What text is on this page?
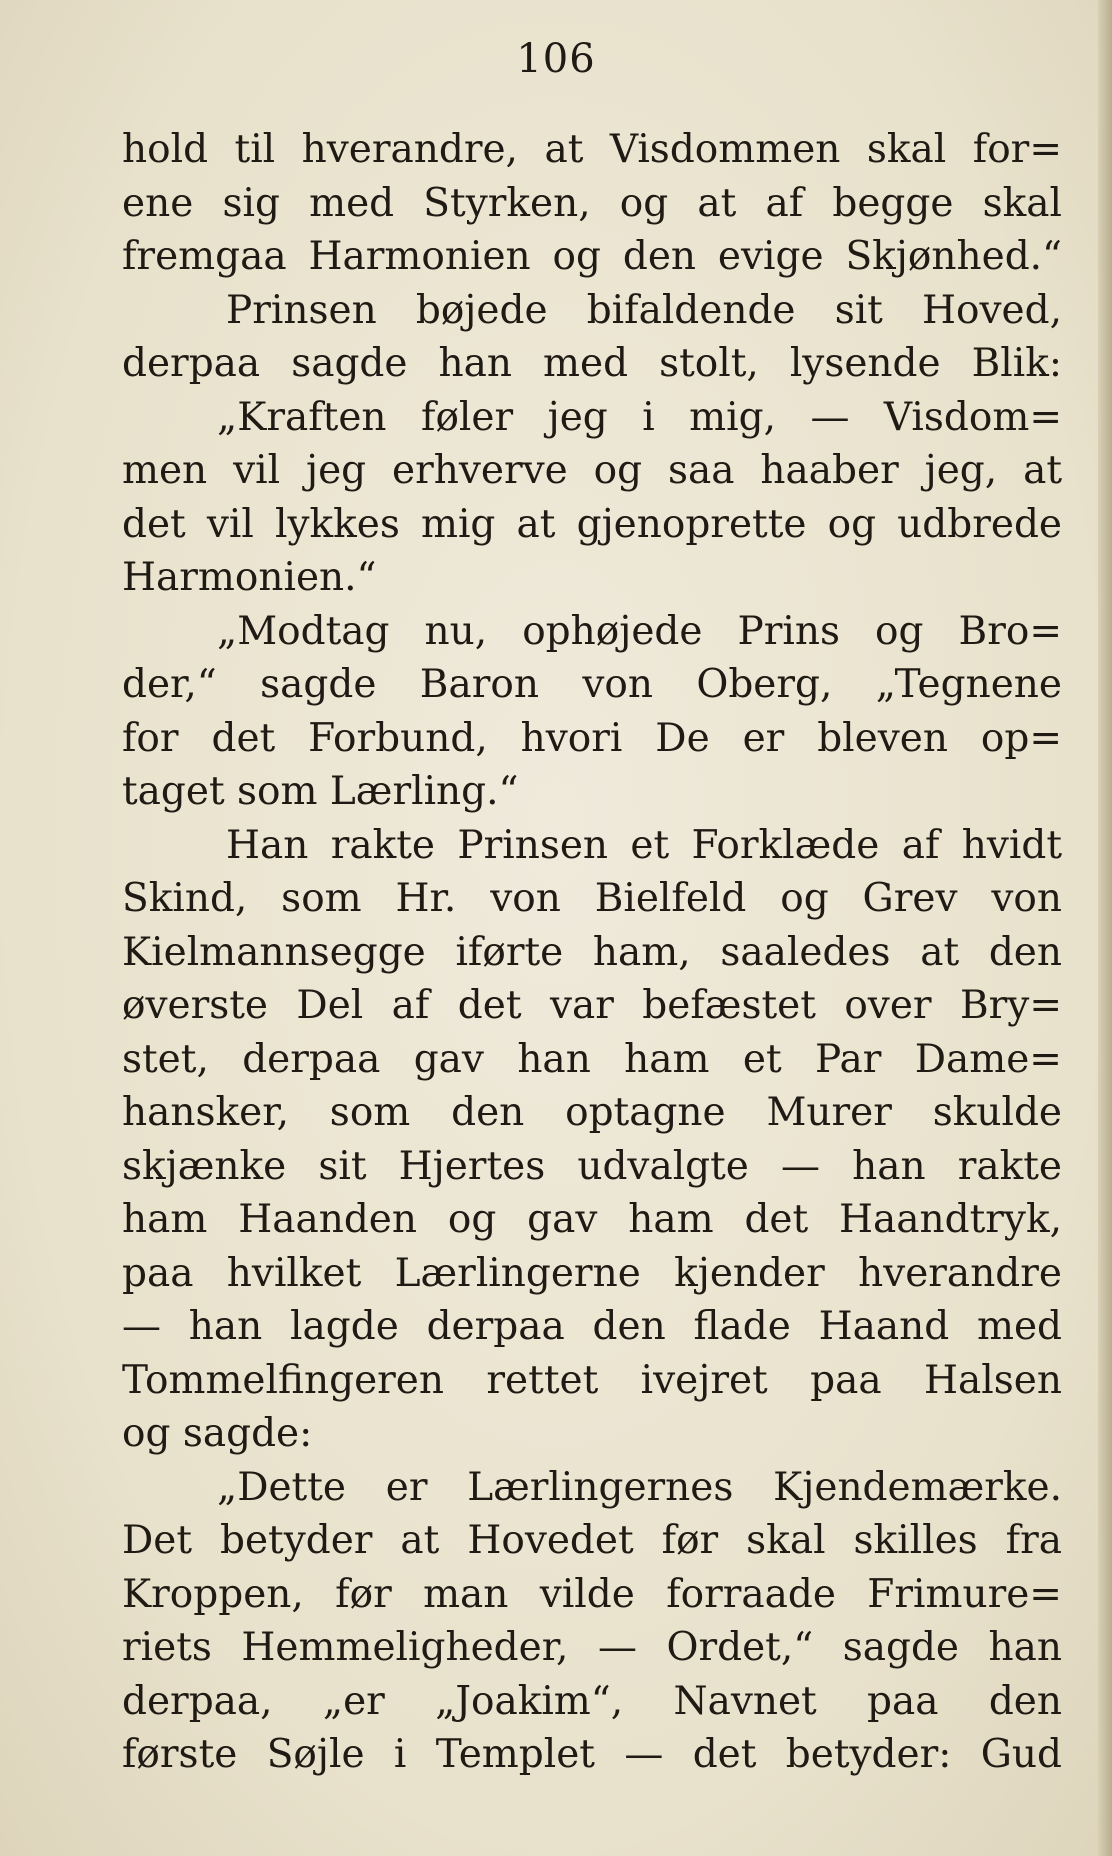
106
hold til hverandre, at Visdommen skal for=
ene sig med Styrken, og at af begge skal
fremgaa Harmonien og den evige Skjønhed.“
Prinsen bøjede bifaldende sit Hoved,
derpaa sagde han med stolt, lysende Blik:
„Kraften føler jeg i mig, — Visdom=
men vil jeg erhverve og saa haaber jeg, at
det vil lykkes mig at gjenoprette og udbrede
Harmonien.“
„Modtag nu, ophøjede Prins og Bro=
der,“ sagde Baron von Oberg, „Tegnene
for det Forbund, hvori De er bleven op=
taget som Lærling.“
Han rakte Prinsen et Forklæde af hvidt
Skind, som Hr. von Bielfeld og Grev von
Kielmannsegge iførte ham, saaledes at den
øverste Del af det var befæstet over Bry=
stet, derpaa gav han ham et Par Dame=
hansker, som den optagne Murer skulde
skjænke sit Hjertes udvalgte — han rakte
ham Haanden og gav ham det Haandtryk,
paa hvilket Lærlingerne kjender hverandre
— han lagde derpaa den flade Haand med
Tommelfingeren rettet ivejret paa Halsen
og sagde:
„Dette er Lærlingernes Kjendemærke.
Det betyder at Hovedet før skal skilles fra
Kroppen, før man vilde forraade Frimure=
riets Hemmeligheder, — Ordet,“ sagde han
derpaa, „er „Joakim“, Navnet paa den
første Søjle i Templet — det betyder: Gud
